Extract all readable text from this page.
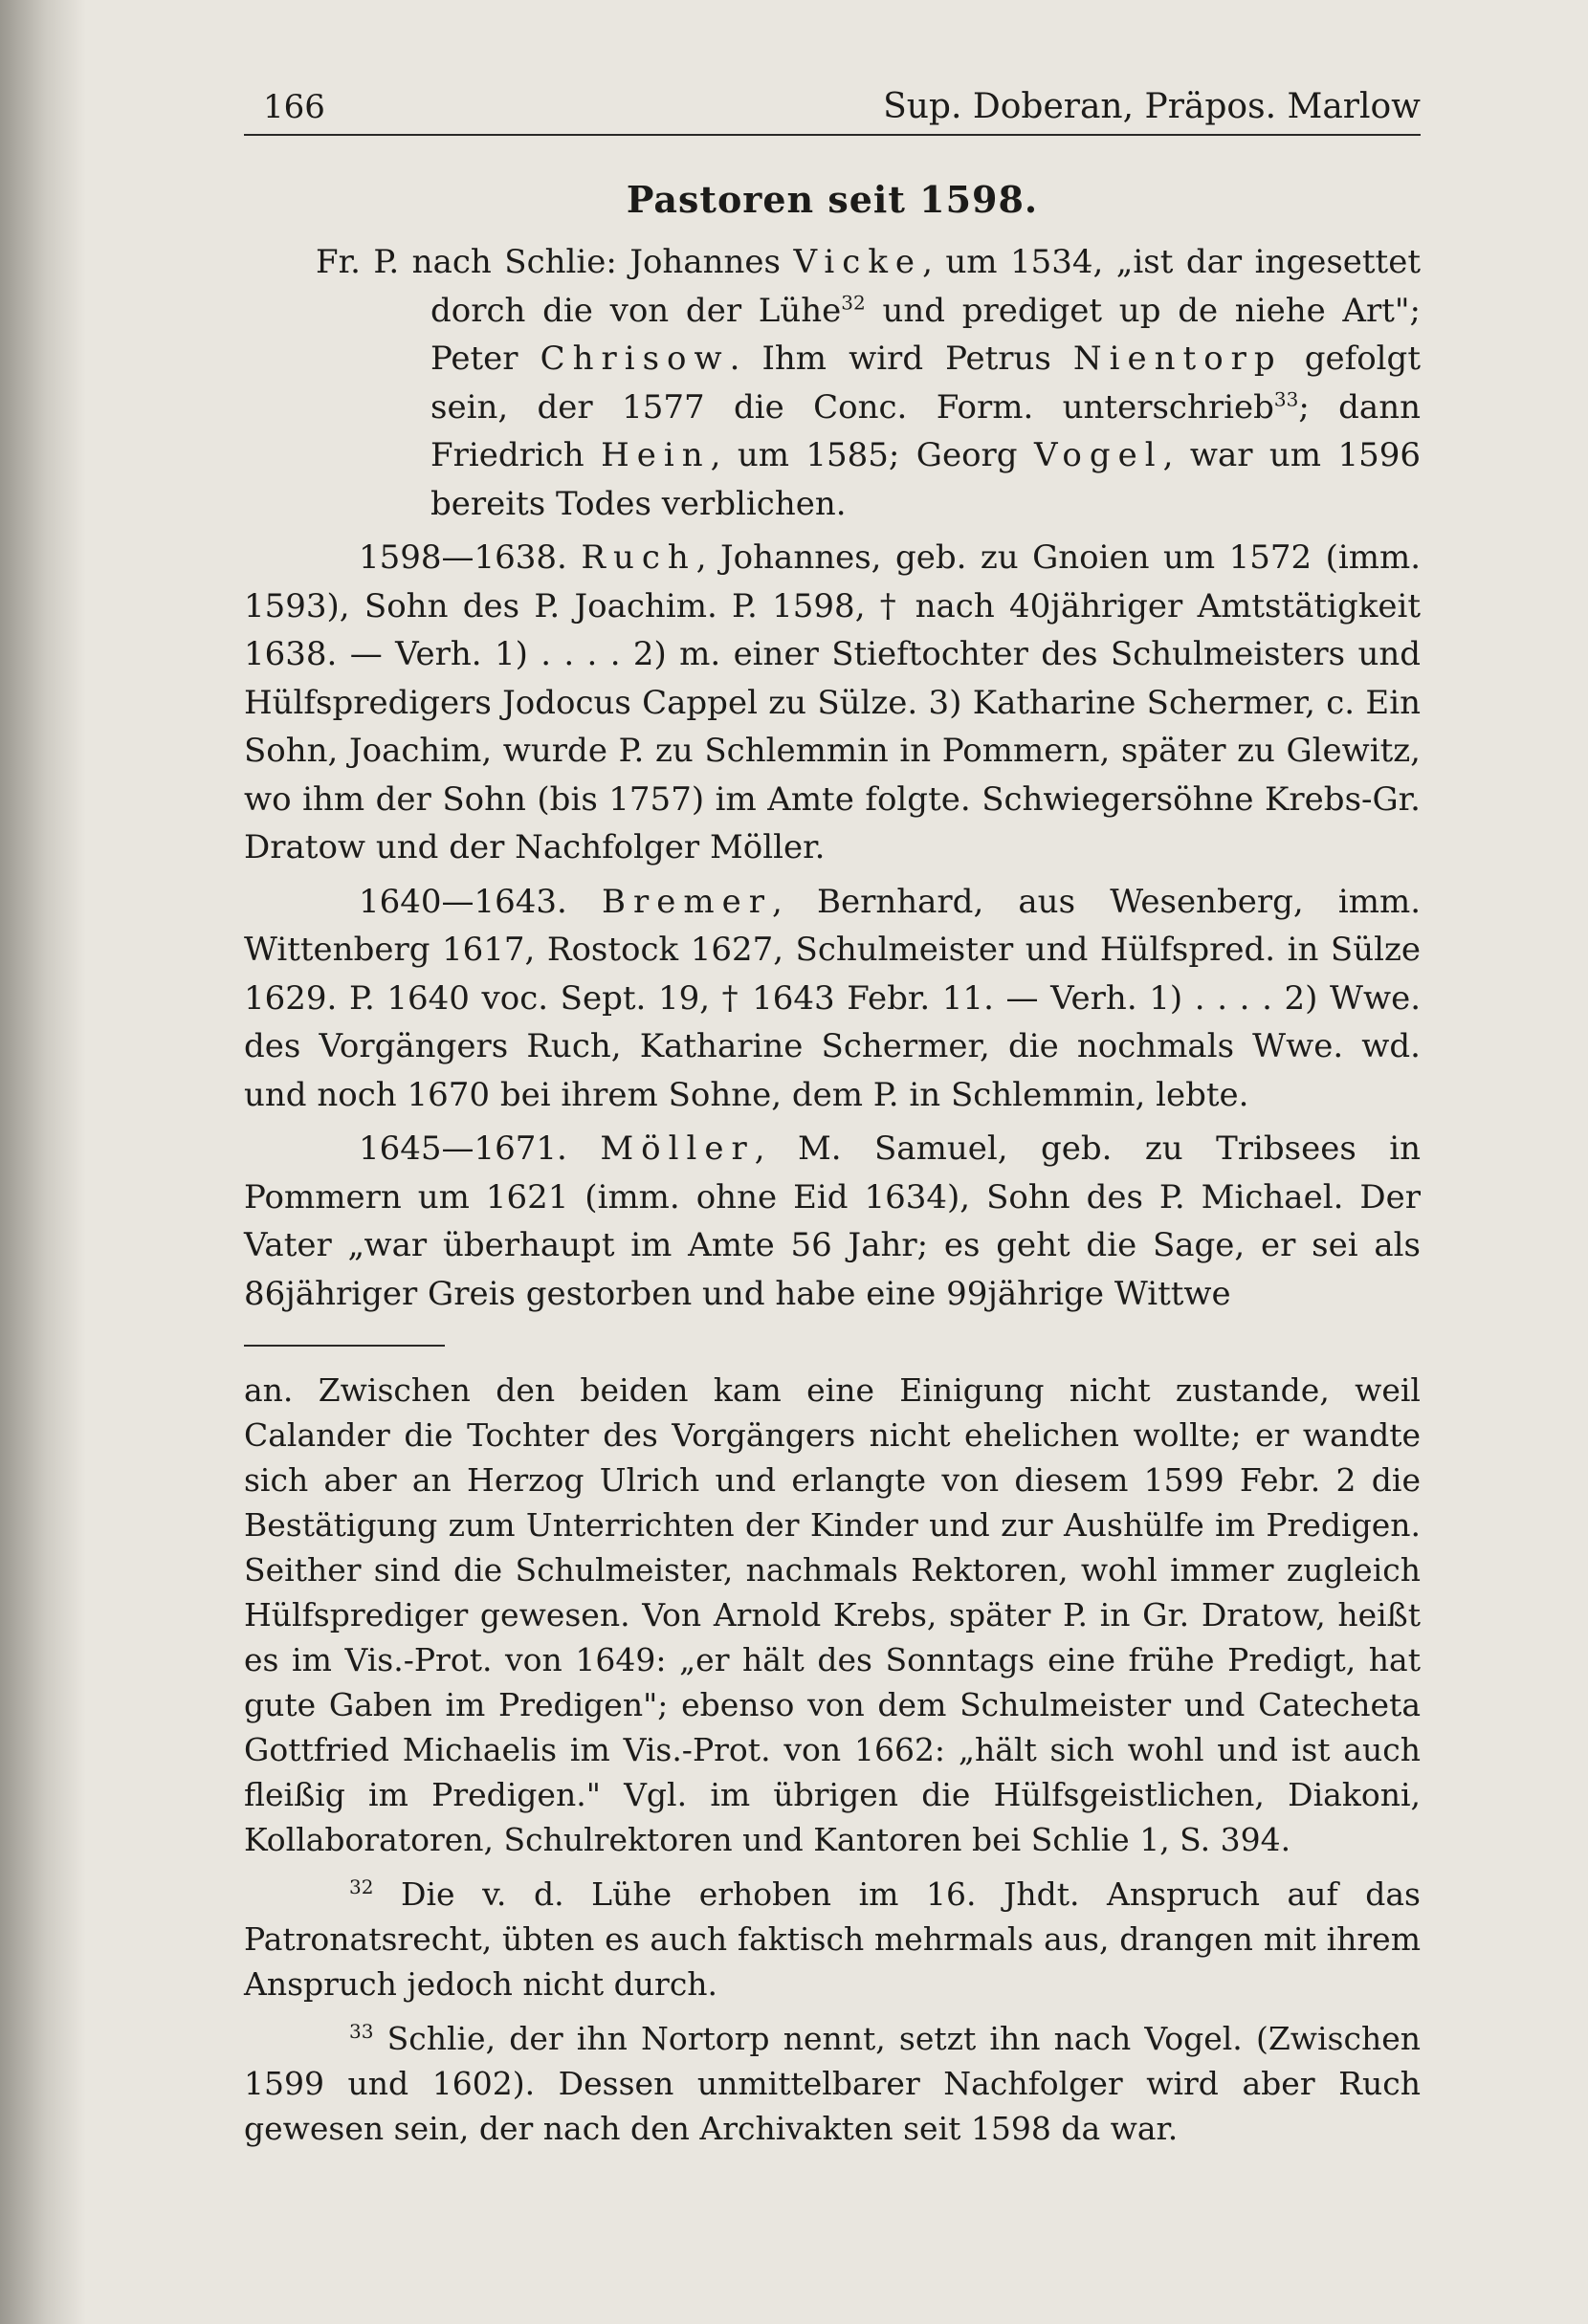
166	Sup. Doberan, Präpos. Marlow
Pastoren seit 1598.

Fr. P. nach Schlie: Johannes Vicke, um 1534, „ist dar ingesettet dorch die von der Lühe$^{32}$ und prediget up de niehe Art"; Peter Chrisow. Ihm wird Petrus Nientorp gefolgt sein, der 1577 die Conc. Form. unterschrieb$^{33}$; dann Friedrich Hein, um 1585; Georg Vogel, war um 1596 bereits Todes verblichen.

1598—1638. Ruch, Johannes, geb. zu Gnoien um 1572 (imm. 1593), Sohn des P. Joachim. P. 1598, † nach 40jähriger Amtstätigkeit 1638. — Verh. 1) . . . . 2) m. einer Stieftochter des Schulmeisters und Hülfspredigers Jodocus Cappel zu Sülze. 3) Katharine Schermer, c. Ein Sohn, Joachim, wurde P. zu Schlemmin in Pommern, später zu Glewitz, wo ihm der Sohn (bis 1757) im Amte folgte. Schwiegersöhne Krebs-Gr. Dratow und der Nachfolger Möller.

1640—1643. Bremer, Bernhard, aus Wesenberg, imm. Wittenberg 1617, Rostock 1627, Schulmeister und Hülfspred. in Sülze 1629. P. 1640 voc. Sept. 19, † 1643 Febr. 11. — Verh. 1) . . . . 2) Wwe. des Vorgängers Ruch, Katharine Schermer, die nochmals Wwe. wd. und noch 1670 bei ihrem Sohne, dem P. in Schlemmin, lebte.

1645—1671. Möller, M. Samuel, geb. zu Tribsees in Pommern um 1621 (imm. ohne Eid 1634), Sohn des P. Michael. Der Vater „war überhaupt im Amte 56 Jahr; es geht die Sage, er sei als 86jähriger Greis gestorben und habe eine 99jährige Wittwe

an. Zwischen den beiden kam eine Einigung nicht zustande, weil Calander die Tochter des Vorgängers nicht ehelichen wollte; er wandte sich aber an Herzog Ulrich und erlangte von diesem 1599 Febr. 2 die Bestätigung zum Unterrichten der Kinder und zur Aushülfe im Predigen. Seither sind die Schulmeister, nachmals Rektoren, wohl immer zugleich Hülfsprediger gewesen. Von Arnold Krebs, später P. in Gr. Dratow, heißt es im Vis.-Prot. von 1649: „er hält des Sonntags eine frühe Predigt, hat gute Gaben im Predigen"; ebenso von dem Schulmeister und Catecheta Gottfried Michaelis im Vis.-Prot. von 1662: „hält sich wohl und ist auch fleißig im Predigen." Vgl. im übrigen die Hülfsgeistlichen, Diakoni, Kollaboratoren, Schulrektoren und Kantoren bei Schlie 1, S. 394.

$^{32}$ Die v. d. Lühe erhoben im 16. Jhdt. Anspruch auf das Patronatsrecht, übten es auch faktisch mehrmals aus, drangen mit ihrem Anspruch jedoch nicht durch.

$^{33}$ Schlie, der ihn Nortorp nennt, setzt ihn nach Vogel. (Zwischen 1599 und 1602). Dessen unmittelbarer Nachfolger wird aber Ruch gewesen sein, der nach den Archivakten seit 1598 da war.
